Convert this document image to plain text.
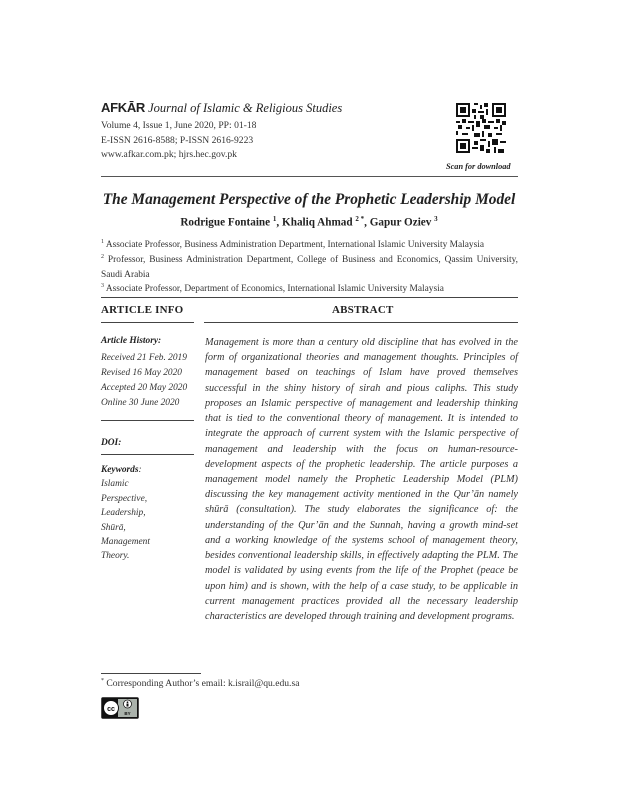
AFKĀR Journal of Islamic & Religious Studies
Volume 4, Issue 1, June 2020, PP: 01-18
E-ISSN 2616-8588; P-ISSN 2616-9223
www.afkar.com.pk; hjrs.hec.gov.pk
Scan for download
The Management Perspective of the Prophetic Leadership Model
Rodrigue Fontaine $^1$, Khaliq Ahmad $^{2 *}$, Gapur Oziev $^3$
$^1$ Associate Professor, Business Administration Department, International Islamic University Malaysia
$^2$ Professor, Business Administration Department, College of Business and Economics, Qassim University, Saudi Arabia
$^3$ Associate Professor, Department of Economics, International Islamic University Malaysia
ARTICLE INFO	ABSTRACT
Article History:
Received 21 Feb. 2019
Revised 16 May 2020
Accepted 20 May 2020
Online 30 June 2020
DOI:
Keywords:
Islamic
Perspective,
Leadership,
Shūrā,
Management
Theory.
Management is more than a century old discipline that has evolved in the form of organizational theories and management thoughts. Principles of management based on teachings of Islam have proved themselves successful in the shiny history of sirah and pious caliphs. This study proposes an Islamic perspective of management and leadership thinking that is tied to the conventional theory of management. It is intended to integrate the approach of current system with the Islamic perspective of management and leadership with the focus on human-resource-development aspects of the prophetic leadership. The article purposes a management model namely the Prophetic Leadership Model (PLM) discussing the key management activity mentioned in the Qur’ān namely shūrā (consultation). The study elaborates the significance of: the understanding of the Qur’ān and the Sunnah, having a growth mind-set and a working knowledge of the systems school of management theory, besides conventional leadership skills, in effectively adapting the PLM. The model is validated by using events from the life of the Prophet (peace be upon him) and is shown, with the help of a case study, to be applicable in current management practices provided all the necessary leadership characteristics are developed through training and development programs.
* Corresponding Author’s email: k.israil@qu.edu.sa
cc
BY
